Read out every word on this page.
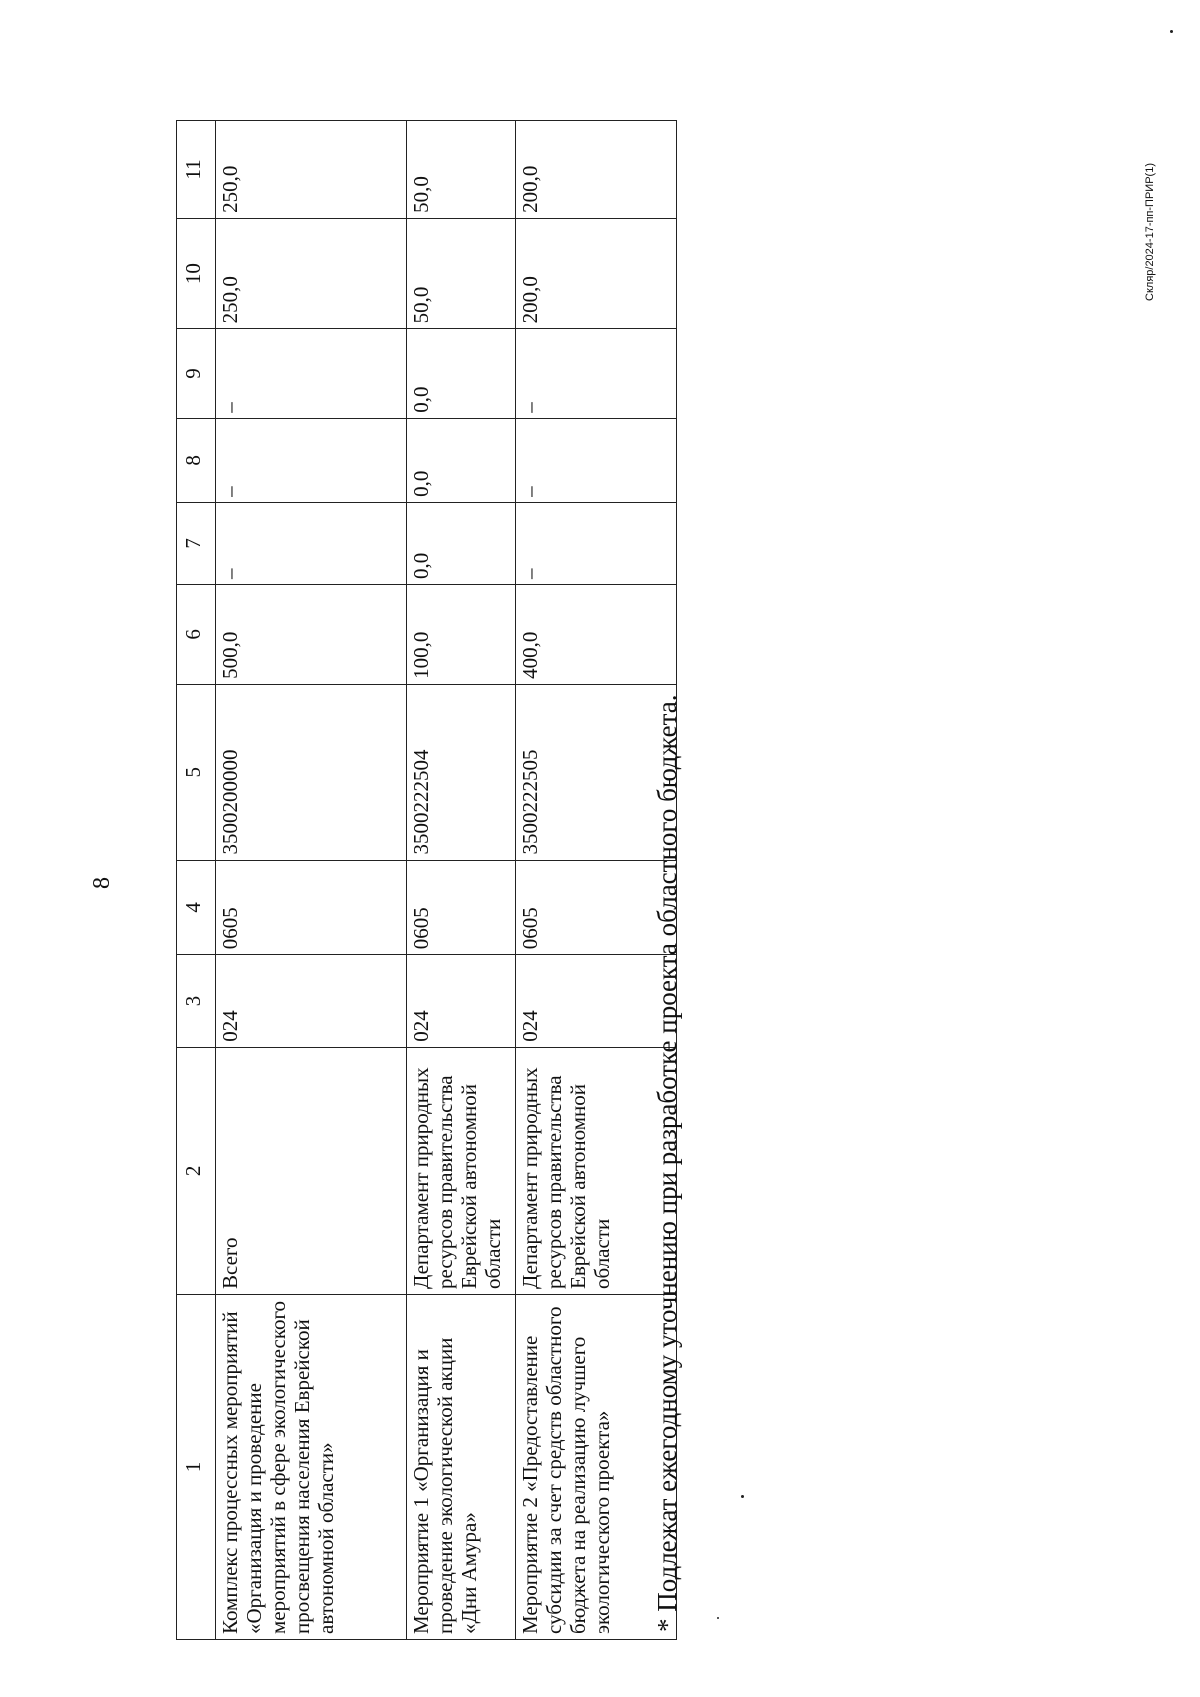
8
Скляр/2024-17-пп-ПРИР(1)
1	2	3	4	5	6	7	8	9	10	11
Комплекс процессных мероприятий «Организация и проведение мероприятий в сфере экологического просвещения населения Еврейской автономной области»	Всего	024	0605	3500200000	500,0	–	–	–	250,0	250,0
Мероприятие 1 «Организация и проведение экологической акции «Дни Амура»	Департамент природных ресурсов правительства Еврейской автономной области	024	0605	3500222504	100,0	0,0	0,0	0,0	50,0	50,0
Мероприятие 2 «Предоставление субсидии за счет средств областного бюджета на реализацию лучшего экологического проекта»	Департамент природных ресурсов правительства Еврейской автономной области	024	0605	3500222505	400,0	–	–	–	200,0	200,0
* Подлежат ежегодному уточнению при разработке проекта областного бюджета.
